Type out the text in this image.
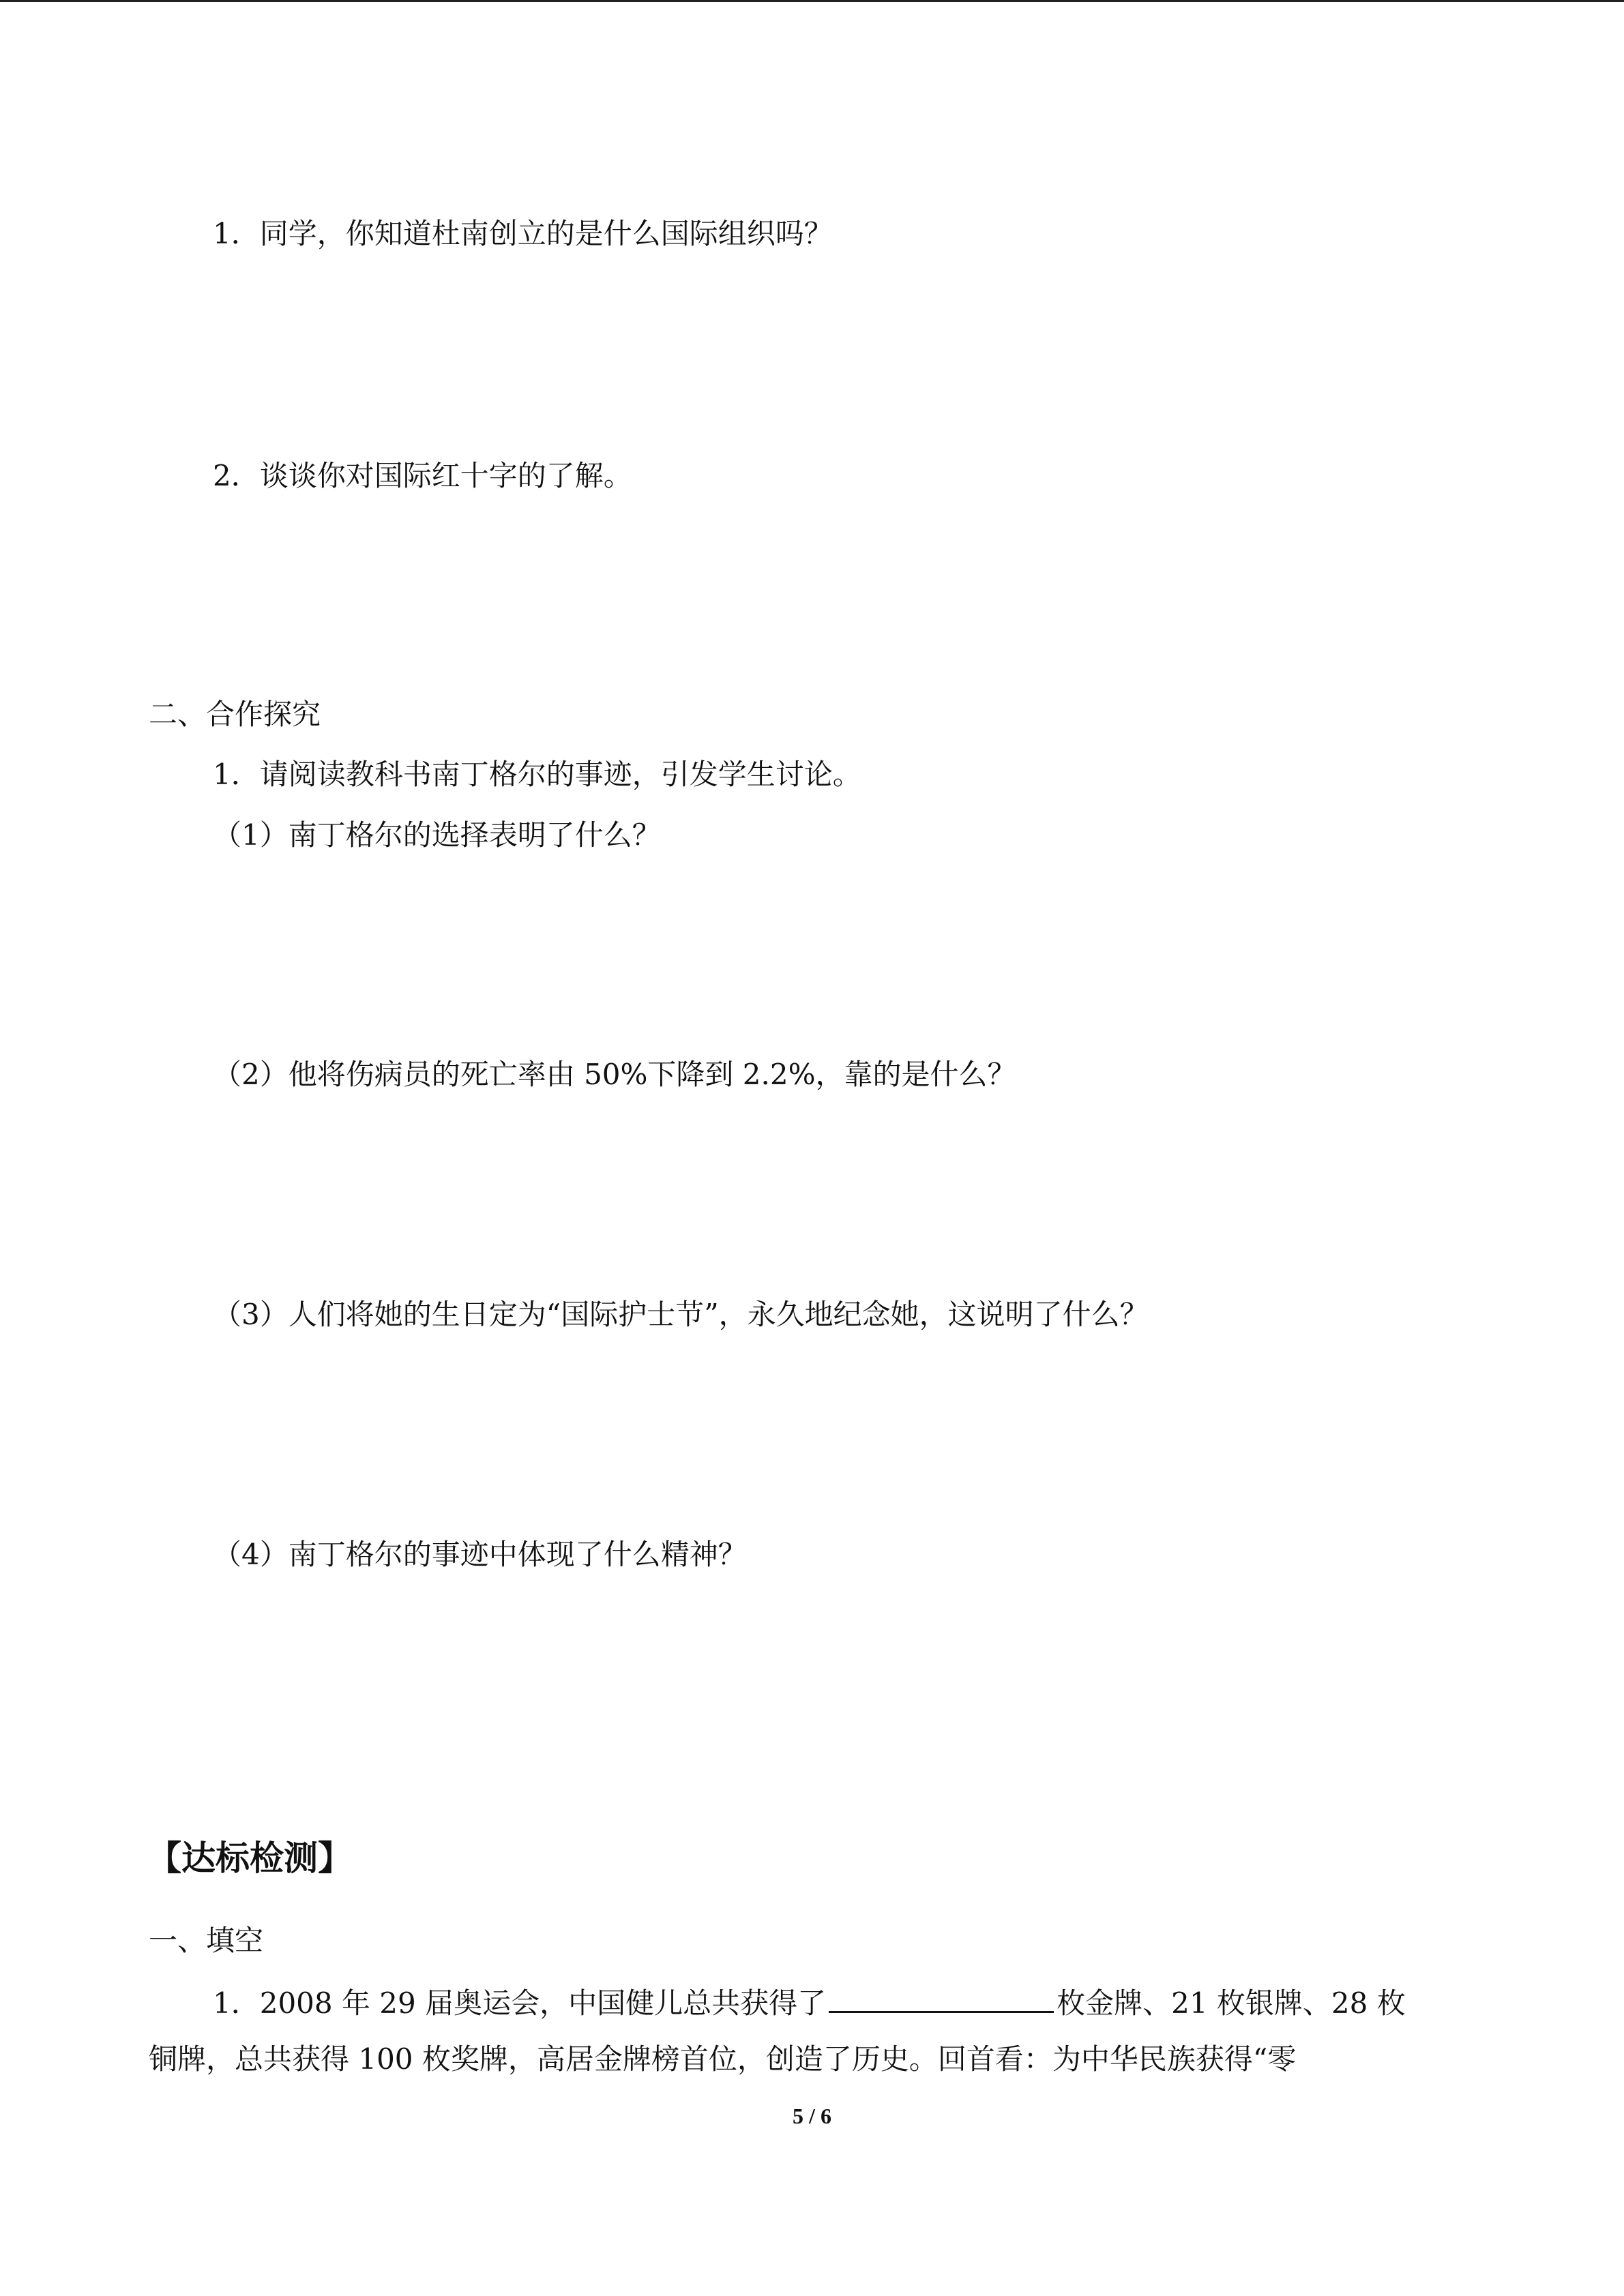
1．同学，你知道杜南创立的是什么国际组织吗？

2．谈谈你对国际红十字的了解。

二、合作探究

1．请阅读教科书南丁格尔的事迹，引发学生讨论。

（1）南丁格尔的选择表明了什么？

（2）他将伤病员的死亡率由 50%下降到 2.2%，靠的是什么？

（3）人们将她的生日定为“国际护士节”，永久地纪念她，这说明了什么？

（4）南丁格尔的事迹中体现了什么精神？

【达标检测】

一、填空

1．2008 年 29 届奥运会，中国健儿总共获得了	枚金牌、21 枚银牌、28 枚

铜牌，总共获得 100 枚奖牌，高居金牌榜首位，创造了历史。回首看：为中华民族获得“零

5 / 6
